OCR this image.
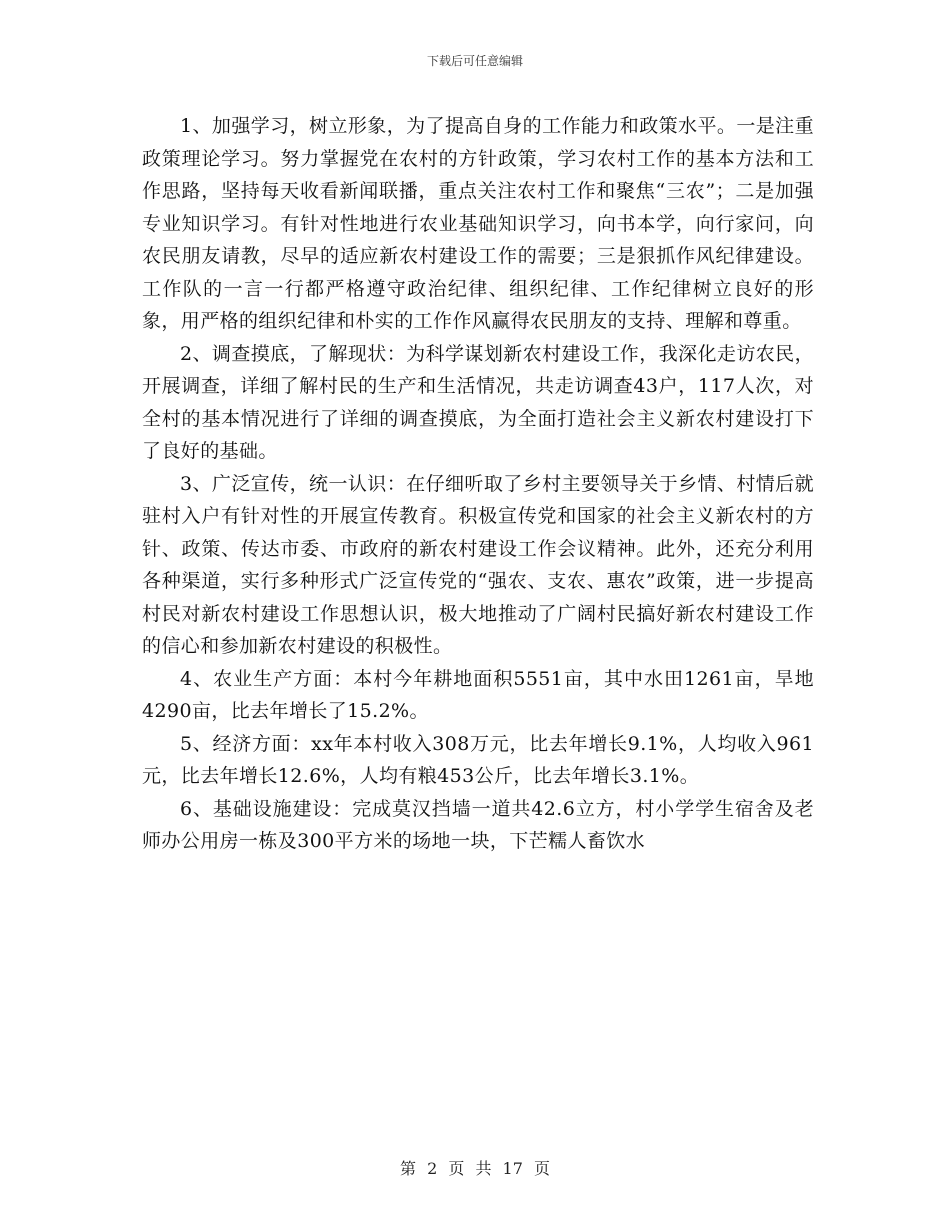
下载后可任意编辑

1、加强学习，树立形象，为了提高自身的工作能力和政策水平。一是注重政策理论学习。努力掌握党在农村的方针政策，学习农村工作的基本方法和工作思路，坚持每天收看新闻联播，重点关注农村工作和聚焦“三农”；二是加强专业知识学习。有针对性地进行农业基础知识学习，向书本学，向行家问，向农民朋友请教，尽早的适应新农村建设工作的需要；三是狠抓作风纪律建设。工作队的一言一行都严格遵守政治纪律、组织纪律、工作纪律树立良好的形象，用严格的组织纪律和朴实的工作作风赢得农民朋友的支持、理解和尊重。

2、调查摸底，了解现状：为科学谋划新农村建设工作，我深化走访农民，开展调查，详细了解村民的生产和生活情况，共走访调查43户，117人次，对全村的基本情况进行了详细的调查摸底，为全面打造社会主义新农村建设打下了良好的基础。

3、广泛宣传，统一认识：在仔细听取了乡村主要领导关于乡情、村情后就驻村入户有针对性的开展宣传教育。积极宣传党和国家的社会主义新农村的方针、政策、传达市委、市政府的新农村建设工作会议精神。此外，还充分利用各种渠道，实行多种形式广泛宣传党的“强农、支农、惠农”政策，进一步提高村民对新农村建设工作思想认识，极大地推动了广阔村民搞好新农村建设工作的信心和参加新农村建设的积极性。

4、农业生产方面：本村今年耕地面积5551亩，其中水田1261亩，旱地4290亩，比去年增长了15.2%。

5、经济方面：xx年本村收入308万元，比去年增长9.1%，人均收入961元，比去年增长12.6%，人均有粮453公斤，比去年增长3.1%。

6、基础设施建设：完成莫汉挡墙一道共42.6立方，村小学学生宿舍及老师办公用房一栋及300平方米的场地一块，下芒糯人畜饮水

第 2 页 共 17 页
